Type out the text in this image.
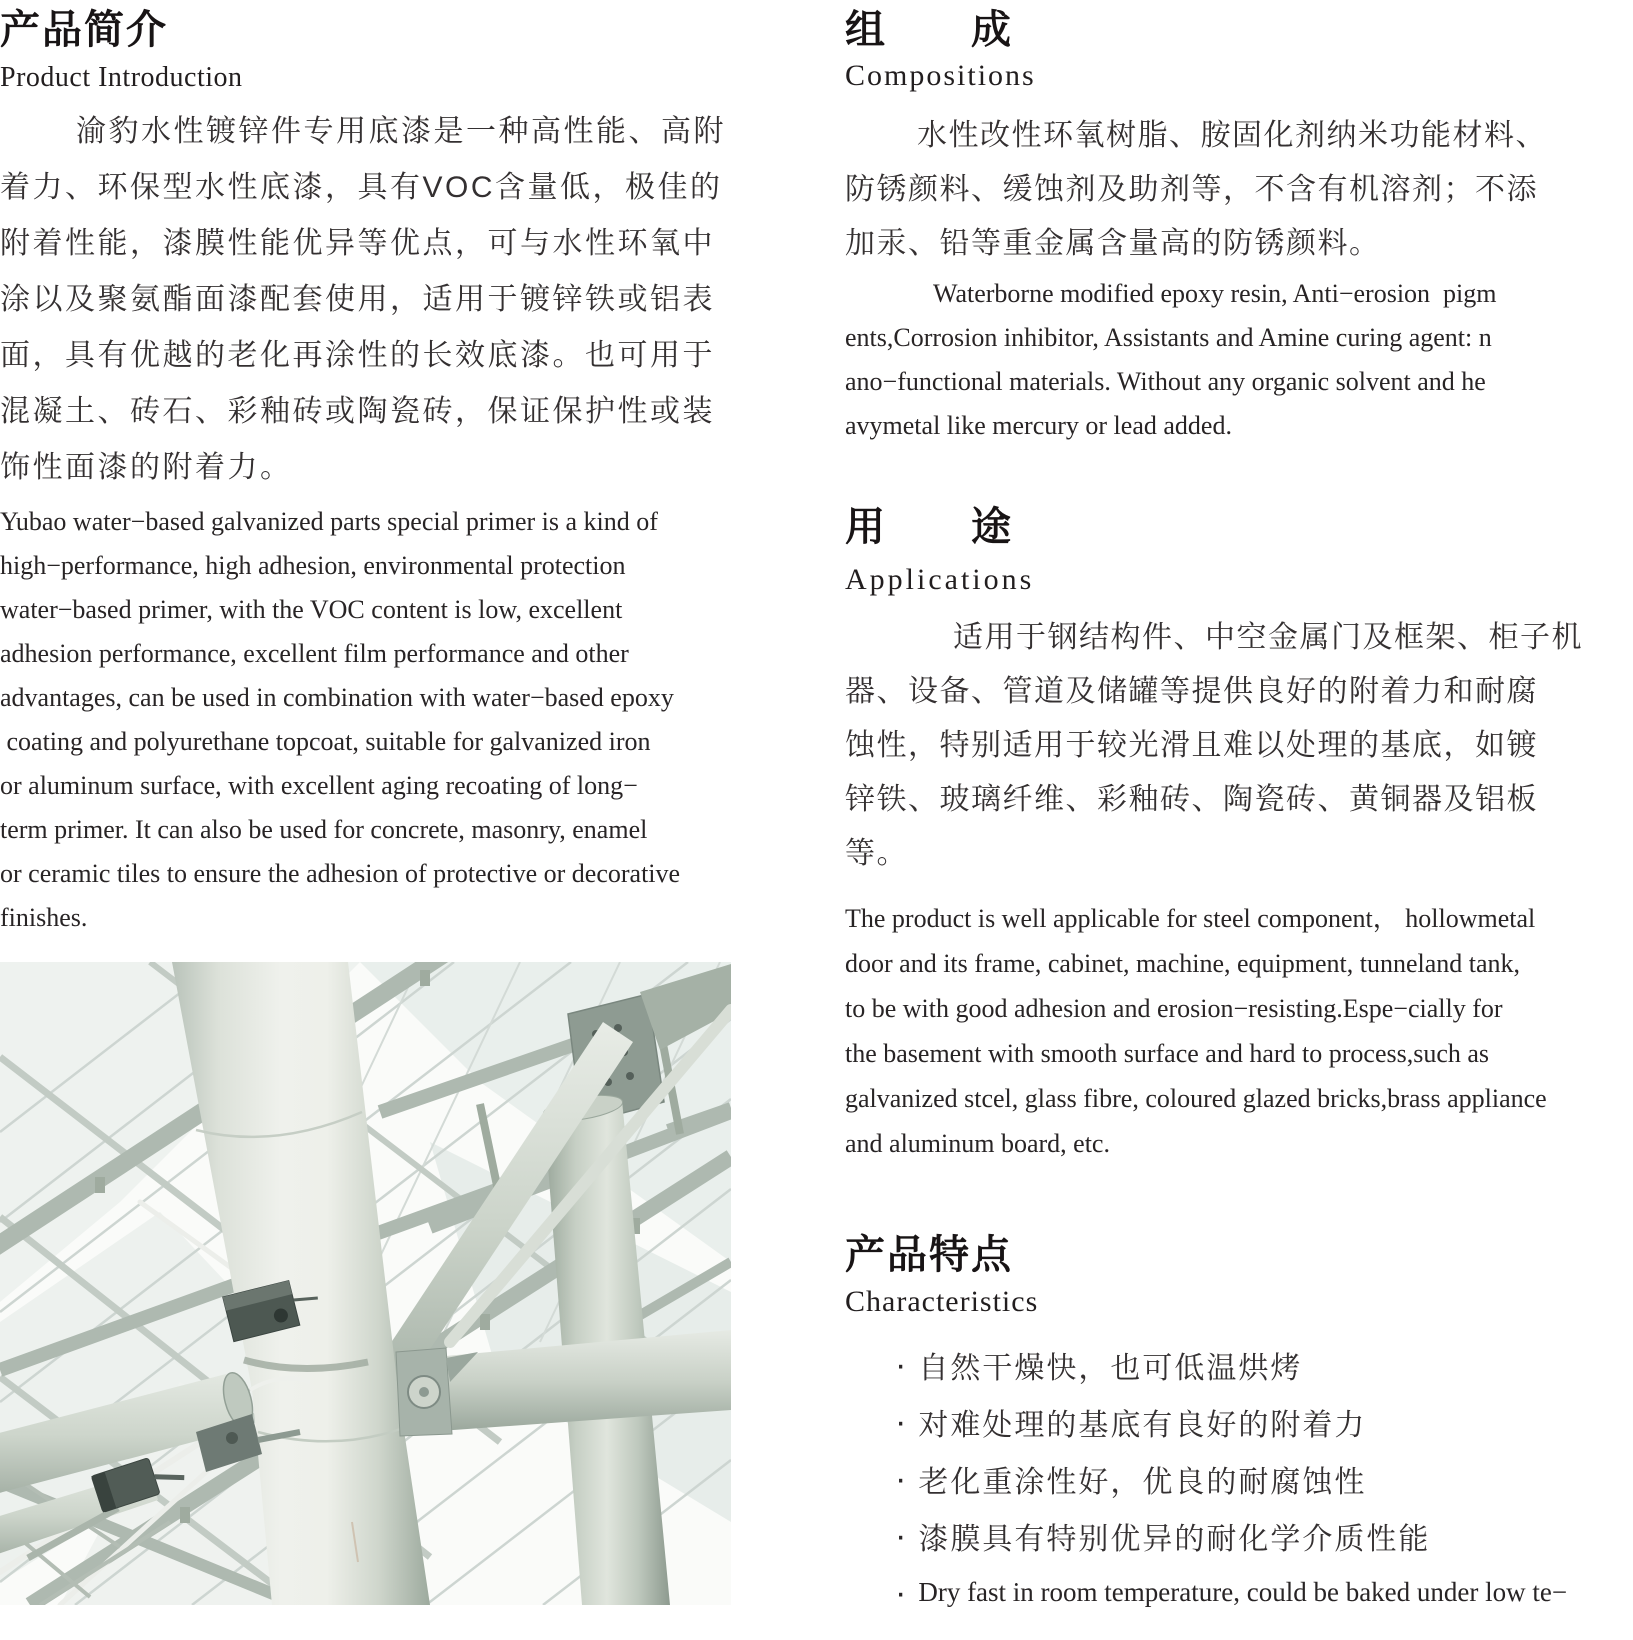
产品简介
Product Introduction
渝豹水性镀锌件专用底漆是一种高性能、高附
着力、环保型水性底漆，具有VOC含量低，极佳的
附着性能，漆膜性能优异等优点，可与水性环氧中
涂以及聚氨酯面漆配套使用，适用于镀锌铁或铝表
面，具有优越的老化再涂性的长效底漆。也可用于
混凝土、砖石、彩釉砖或陶瓷砖，保证保护性或装
饰性面漆的附着力。
Yubao water−based galvanized parts special primer is a kind of
high−performance, high adhesion, environmental protection
water−based primer, with the VOC content is low, excellent
adhesion performance, excellent film performance and other
advantages, can be used in combination with water−based epoxy
coating and polyurethane topcoat, suitable for galvanized iron
or aluminum surface, with excellent aging recoating of long−
term primer. It can also be used for concrete, masonry, enamel
or ceramic tiles to ensure the adhesion of protective or decorative
finishes.
组　　成
Compositions
水性改性环氧树脂、胺固化剂纳米功能材料、
防锈颜料、缓蚀剂及助剂等，不含有机溶剂；不添
加汞、铅等重金属含量高的防锈颜料。
Waterborne modified epoxy resin, Anti−erosion  pigm
ents,Corrosion inhibitor, Assistants and Amine curing agent: n
ano−functional materials. Without any organic solvent and he
avymetal like mercury or lead added.
用　　途
Applications
适用于钢结构件、中空金属门及框架、柜子机
器、设备、管道及储罐等提供良好的附着力和耐腐
蚀性，特别适用于较光滑且难以处理的基底，如镀
锌铁、玻璃纤维、彩釉砖、陶瓷砖、黄铜器及铝板
等。
The product is well applicable for steel component， hollowmetal
door and its frame, cabinet, machine, equipment, tunneland tank,
to be with good adhesion and erosion−resisting.Espe−cially for
the basement with smooth surface and hard to process,such as
galvanized stcel, glass fibre, coloured glazed bricks,brass appliance
and aluminum board, etc.
产品特点
Characteristics
· 自然干燥快，也可低温烘烤
· 对难处理的基底有良好的附着力
· 老化重涂性好，优良的耐腐蚀性
· 漆膜具有特别优异的耐化学介质性能
· Dry fast in room temperature, could be baked under low te−
